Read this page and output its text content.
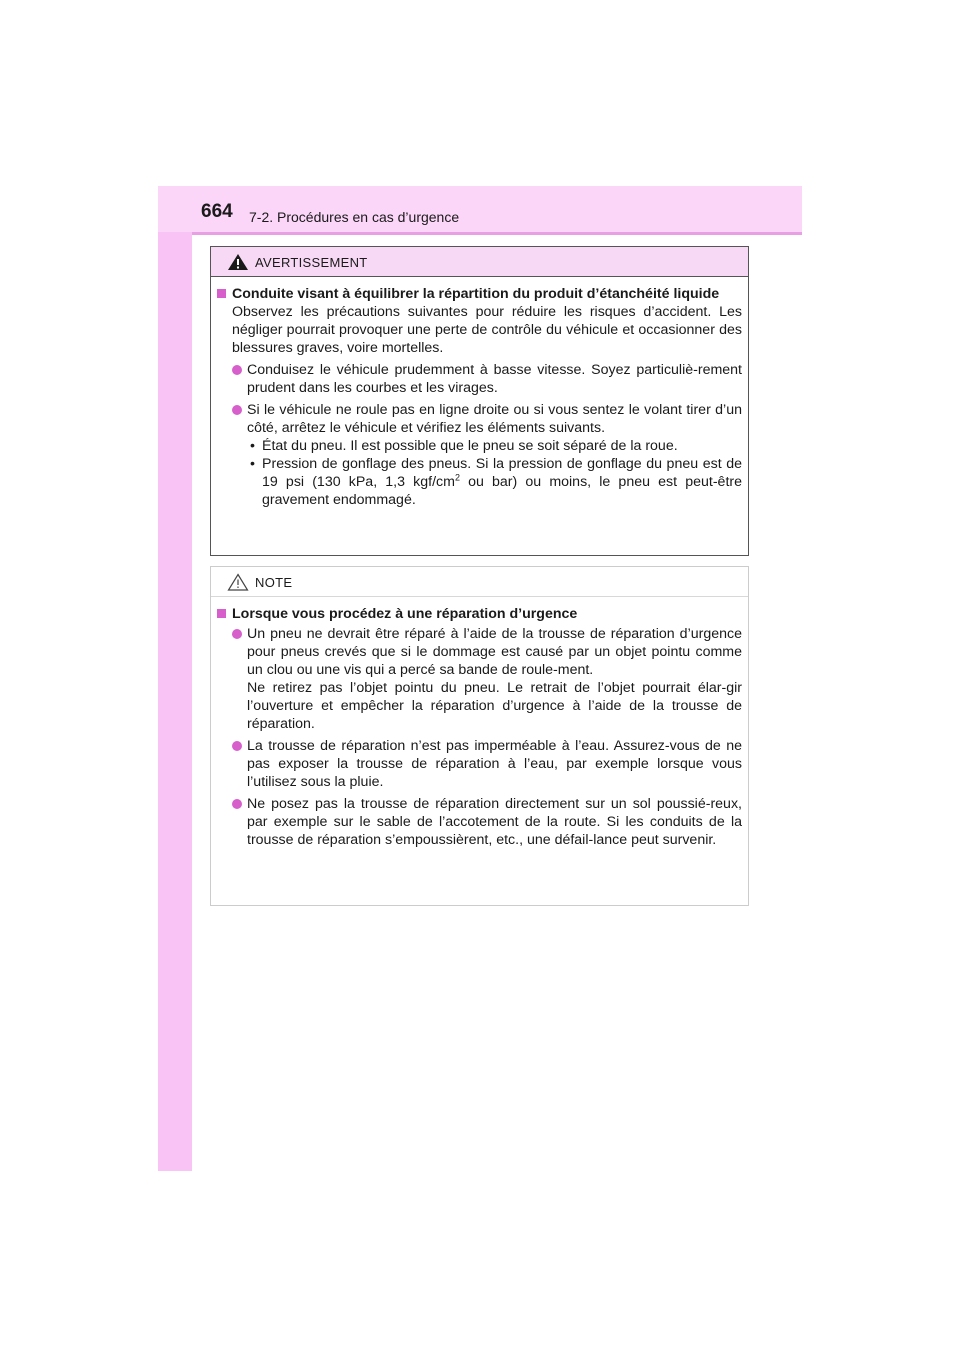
664 7-2. Procédures en cas d’urgence
AVERTISSEMENT
Conduite visant à équilibrer la répartition du produit d’étanchéité liquide

Observez les précautions suivantes pour réduire les risques d’accident. Les négliger pourrait provoquer une perte de contrôle du véhicule et occasionner des blessures graves, voire mortelles.

Conduisez le véhicule prudemment à basse vitesse. Soyez particuliè-rement prudent dans les courbes et les virages.
Si le véhicule ne roule pas en ligne droite ou si vous sentez le volant tirer d’un côté, arrêtez le véhicule et vérifiez les éléments suivants.
• État du pneu. Il est possible que le pneu se soit séparé de la roue.
• Pression de gonflage des pneus. Si la pression de gonflage du pneu est de 19 psi (130 kPa, 1,3 kgf/$cm^2$ ou bar) ou moins, le pneu est peut-être gravement endommagé.
NOTE
Lorsque vous procédez à une réparation d’urgence

Un pneu ne devrait être réparé à l’aide de la trousse de réparation d’urgence pour pneus crevés que si le dommage est causé par un objet pointu comme un clou ou une vis qui a percé sa bande de roule-ment.

Ne retirez pas l’objet pointu du pneu. Le retrait de l’objet pourrait élar-gir l’ouverture et empêcher la réparation d’urgence à l’aide de la trousse de réparation.

La trousse de réparation n’est pas imperméable à l’eau. Assurez-vous de ne pas exposer la trousse de réparation à l’eau, par exemple lorsque vous l’utilisez sous la pluie.
Ne posez pas la trousse de réparation directement sur un sol poussié-reux, par exemple sur le sable de l’accotement de la route. Si les conduits de la trousse de réparation s’empoussièrent, etc., une défail-lance peut survenir.
